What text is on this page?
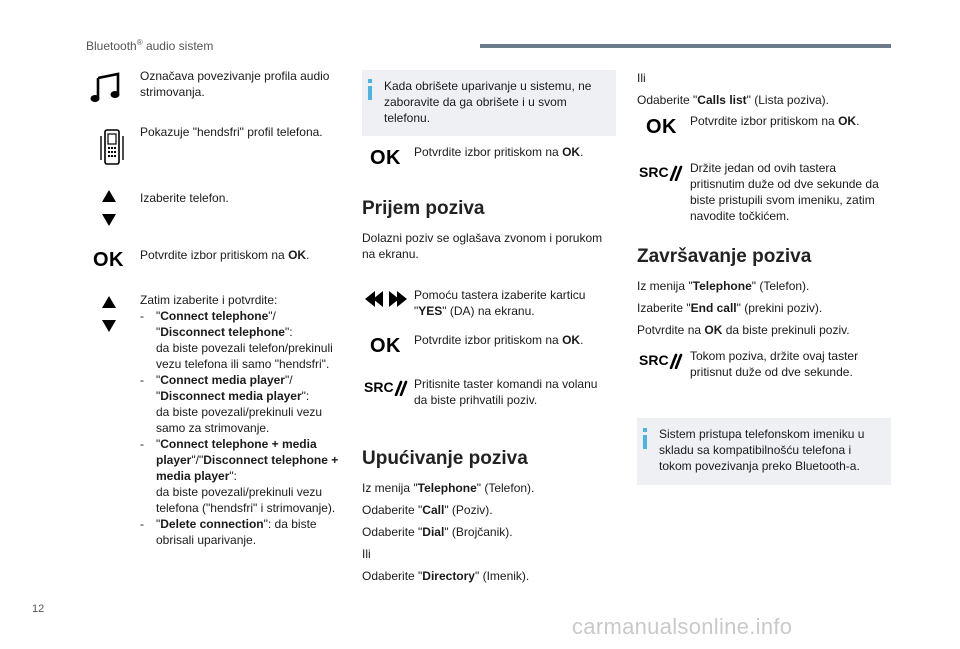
Bluetooth® audio sistem
Označava povezivanje profila audio strimovanja.
Pokazuje "hendsfri" profil telefona.
Izaberite telefon.
OK Potvrdite izbor pritiskom na OK.
Zatim izaberite i potvrdite:
- "Connect telephone"/ "Disconnect telephone":
da biste povezali telefon/prekinuli vezu telefona ili samo "hendsfri".
- "Connect media player"/ "Disconnect media player":
da biste povezali/prekinuli vezu samo za strimovanje.
- "Connect telephone + media player"/"Disconnect telephone + media player":
da biste povezali/prekinuli vezu telefona ("hendsfri" i strimovanje).
- "Delete connection": da biste obrisali uparivanje.
Kada obrišete uparivanje u sistemu, ne zaboravite da ga obrišete i u svom telefonu.
OK Potvrdite izbor pritiskom na OK.
Prijem poziva
Dolazni poziv se oglašava zvonom i porukom na ekranu.
Pomoću tastera izaberite karticu "YES" (DA) na ekranu.
OK Potvrdite izbor pritiskom na OK.
SRC	Pritisnite taster komandi na volanu da biste prihvatili poziv.
Upućivanje poziva
Iz menija "Telephone" (Telefon).
Odaberite "Call" (Poziv).
Odaberite "Dial" (Brojčanik).
Ili
Odaberite "Directory" (Imenik).
Ili
Odaberite "Calls list" (Lista poziva).
OK Potvrdite izbor pritiskom na OK.
SRC	Držite jedan od ovih tastera pritisnutim duže od dve sekunde da biste pristupili svom imeniku, zatim navodite točkićem.
Završavanje poziva
Iz menija "Telephone" (Telefon).
Izaberite "End call" (prekini poziv).
Potvrdite na OK da biste prekinuli poziv.
SRC	Tokom poziva, držite ovaj taster pritisnut duže od dve sekunde.
Sistem pristupa telefonskom imeniku u skladu sa kompatibilnošću telefona i tokom povezivanja preko Bluetooth-a.
12
carmanualsonline.info
